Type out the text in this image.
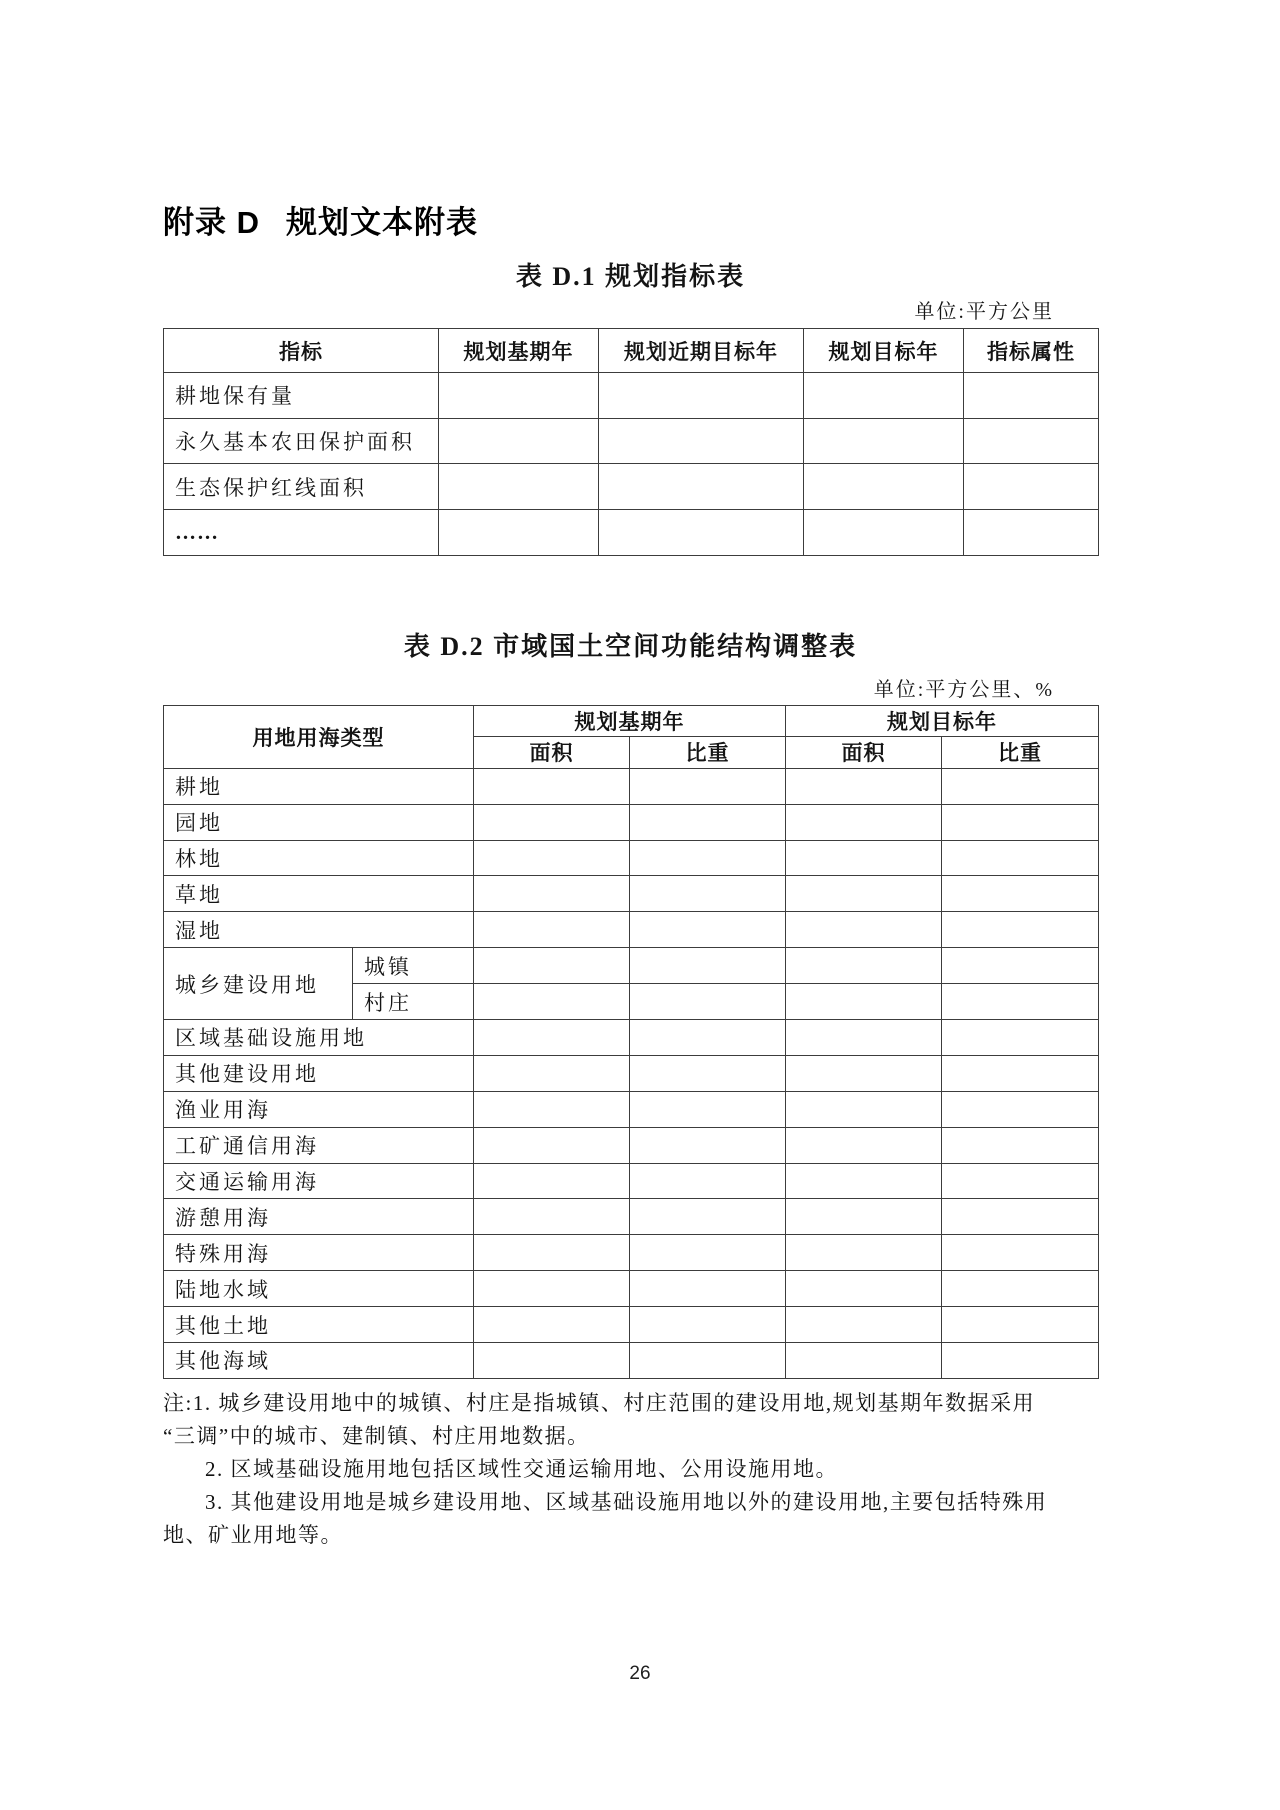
附录 D 规划文本附表
表 D.1 规划指标表
单位:平方公里
指标	规划基期年	规划近期目标年	规划目标年	指标属性
耕地保有量				
永久基本农田保护面积				
生态保护红线面积				
……				
表 D.2 市域国土空间功能结构调整表
单位:平方公里、%
用地用海类型		规划基期年		规划目标年	
		面积	比重	面积	比重
耕地					
园地					
林地					
草地					
湿地					
城乡建设用地	城镇				
	村庄				
区域基础设施用地					
其他建设用地					
渔业用海					
工矿通信用海					
交通运输用海					
游憩用海					
特殊用海					
陆地水域					
其他土地					
其他海域					
注:1. 城乡建设用地中的城镇、村庄是指城镇、村庄范围的建设用地,规划基期年数据采用
“三调”中的城市、建制镇、村庄用地数据。
2. 区域基础设施用地包括区域性交通运输用地、公用设施用地。
3. 其他建设用地是城乡建设用地、区域基础设施用地以外的建设用地,主要包括特殊用
地、矿业用地等。
26
